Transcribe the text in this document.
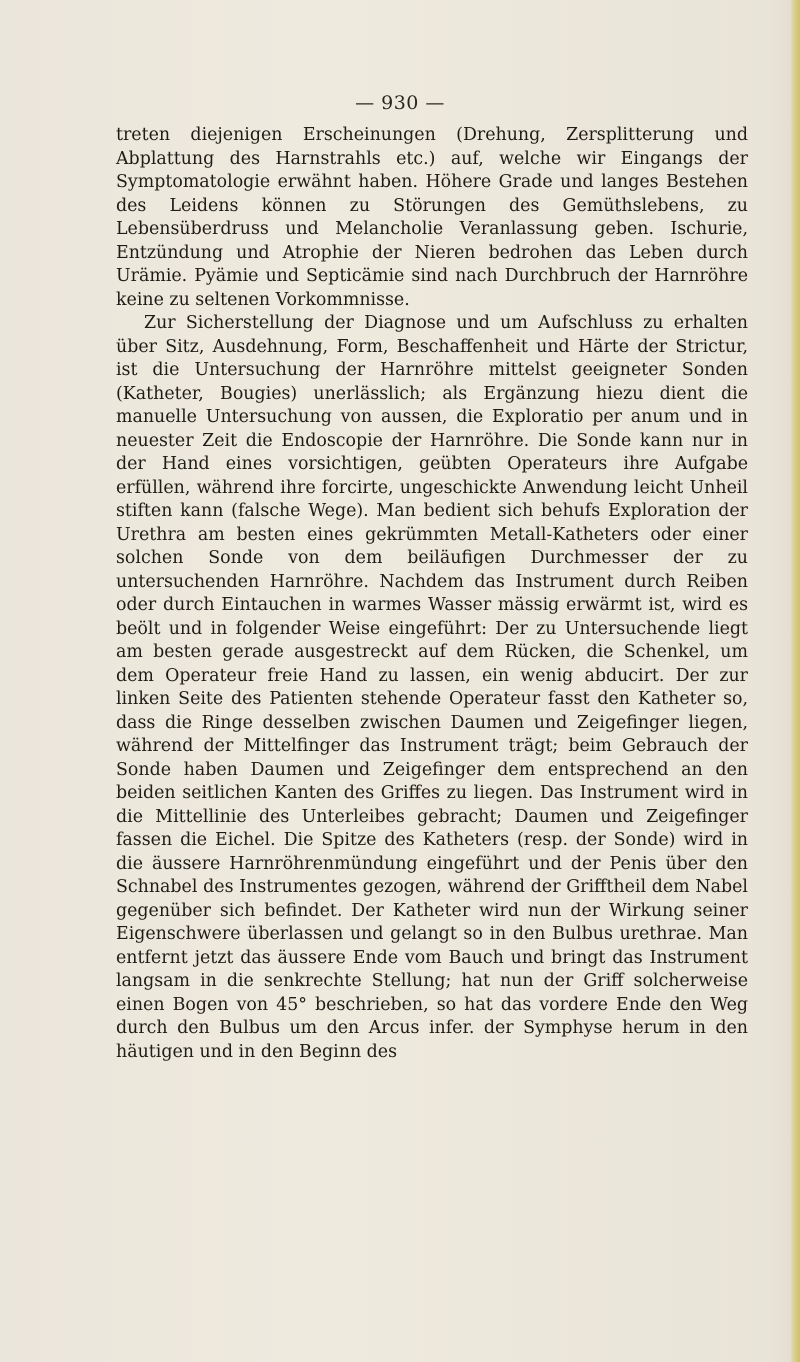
— 930 —

treten diejenigen Erscheinungen (Drehung, Zersplitterung und Abplattung des Harnstrahls etc.) auf, welche wir Eingangs der Symptomatologie erwähnt haben. Höhere Grade und langes Bestehen des Leidens können zu Störungen des Gemüthslebens, zu Lebensüberdruss und Melancholie Veranlassung geben. Ischurie, Entzündung und Atrophie der Nieren bedrohen das Leben durch Urämie. Pyämie und Septicämie sind nach Durchbruch der Harnröhre keine zu seltenen Vorkommnisse.

Zur Sicherstellung der Diagnose und um Aufschluss zu erhalten über Sitz, Ausdehnung, Form, Beschaffenheit und Härte der Strictur, ist die Untersuchung der Harnröhre mittelst geeigneter Sonden (Katheter, Bougies) unerlässlich; als Ergänzung hiezu dient die manuelle Untersuchung von aussen, die Exploratio per anum und in neuester Zeit die Endoscopie der Harnröhre. Die Sonde kann nur in der Hand eines vorsichtigen, geübten Operateurs ihre Aufgabe erfüllen, während ihre forcirte, ungeschickte Anwendung leicht Unheil stiften kann (falsche Wege). Man bedient sich behufs Exploration der Urethra am besten eines gekrümmten Metall-Katheters oder einer solchen Sonde von dem beiläufigen Durchmesser der zu untersuchenden Harnröhre. Nachdem das Instrument durch Reiben oder durch Eintauchen in warmes Wasser mässig erwärmt ist, wird es beölt und in folgender Weise eingeführt: Der zu Untersuchende liegt am besten gerade ausgestreckt auf dem Rücken, die Schenkel, um dem Operateur freie Hand zu lassen, ein wenig abducirt. Der zur linken Seite des Patienten stehende Operateur fasst den Katheter so, dass die Ringe desselben zwischen Daumen und Zeigefinger liegen, während der Mittelfinger das Instrument trägt; beim Gebrauch der Sonde haben Daumen und Zeigefinger dem entsprechend an den beiden seitlichen Kanten des Griffes zu liegen. Das Instrument wird in die Mittellinie des Unterleibes gebracht; Daumen und Zeigefinger fassen die Eichel. Die Spitze des Katheters (resp. der Sonde) wird in die äussere Harnröhrenmündung eingeführt und der Penis über den Schnabel des Instrumentes gezogen, während der Grifftheil dem Nabel gegenüber sich befindet. Der Katheter wird nun der Wirkung seiner Eigenschwere überlassen und gelangt so in den Bulbus urethrae. Man entfernt jetzt das äussere Ende vom Bauch und bringt das Instrument langsam in die senkrechte Stellung; hat nun der Griff solcherweise einen Bogen von 45° beschrieben, so hat das vordere Ende den Weg durch den Bulbus um den Arcus infer. der Symphyse herum in den häutigen und in den Beginn des
